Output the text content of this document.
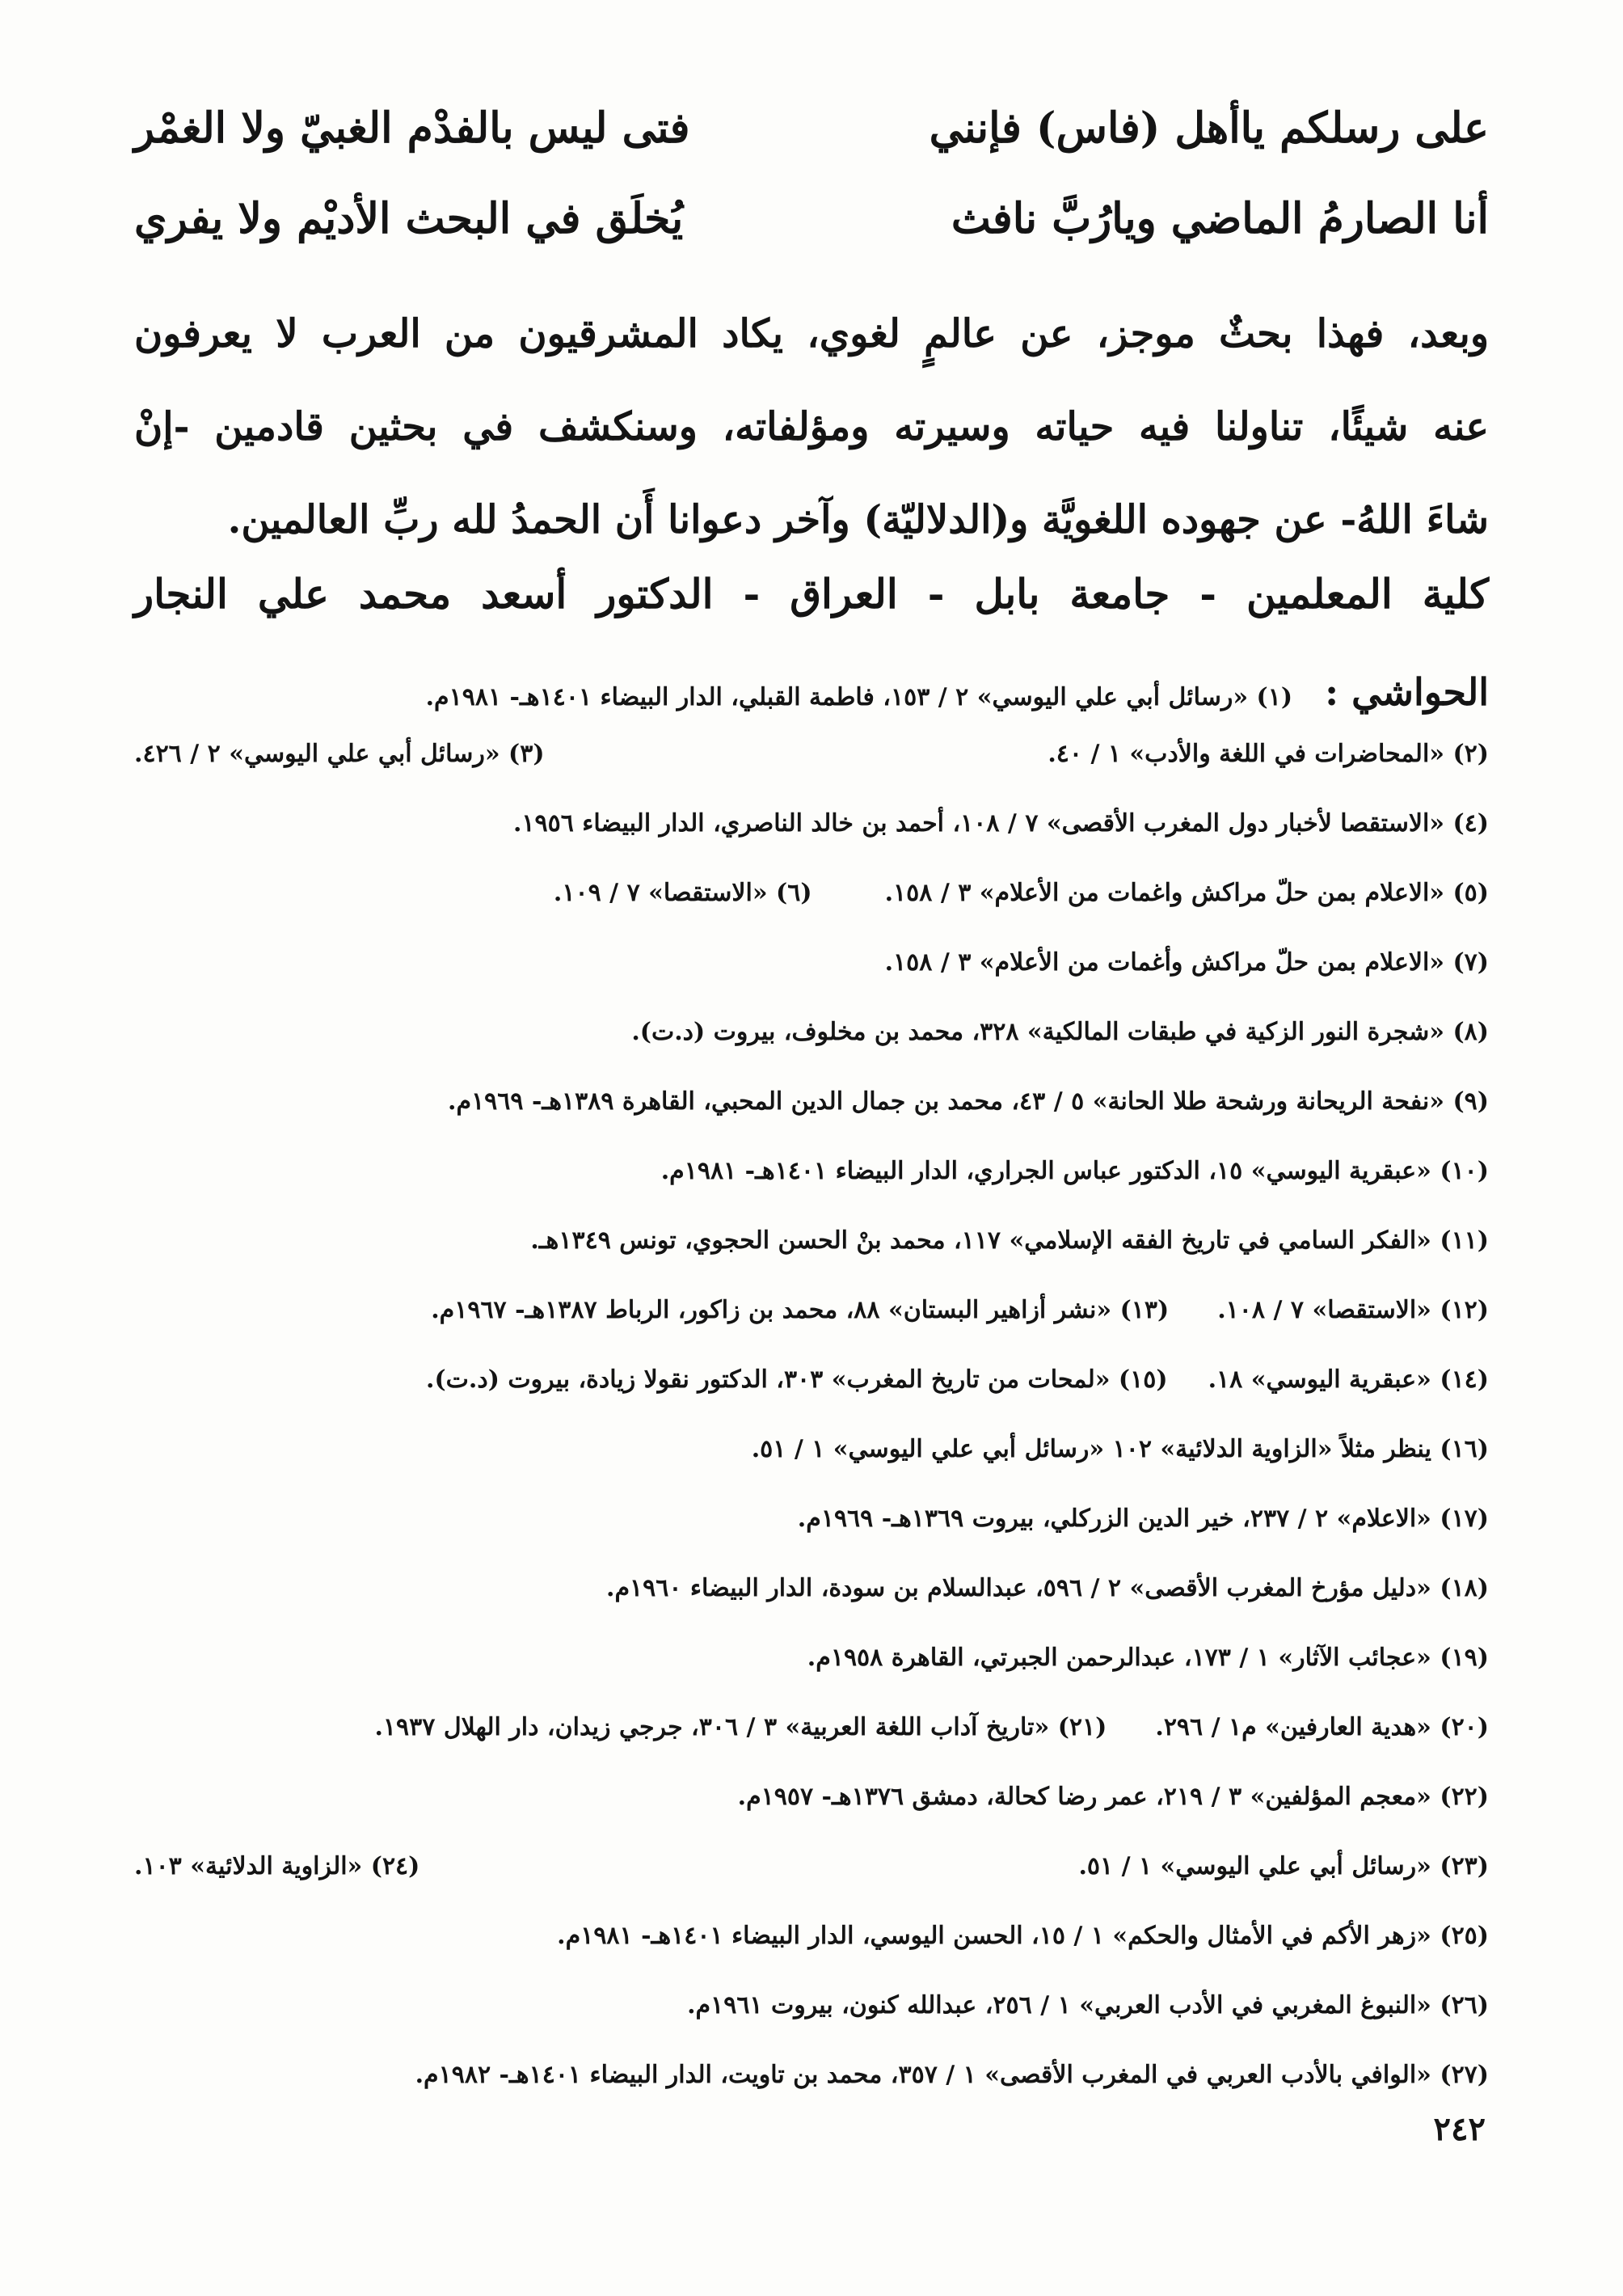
على رسلكم ياأهل (فاس) فإنني
فتى ليس بالفدْم الغبيّ ولا الغمْر
أنا الصارمُ الماضي ويارُبَّ نافث
يُخلَق في البحث الأديْم ولا يفري
وبعد، فهذا بحثٌ موجز، عن عالمٍ لغوي، يكاد المشرقيون من العرب لا يعرفون
عنه شيئًا، تناولنا فيه حياته وسيرته ومؤلفاته، وسنكشف في بحثين قادمين -إنْ
شاءَ اللهُ- عن جهوده اللغويَّة و(الدلاليّة) وآخر دعوانا أَن الحمدُ لله ربِّ العالمين.
كلية المعلمين - جامعة بابل - العراق - الدكتور أسعد محمد علي النجار
الحواشي :
(١) «رسائل أبي علي اليوسي» ٢ / ١٥٣، فاطمة القبلي، الدار البيضاء ١٤٠١هـ- ١٩٨١م.
(٢) «المحاضرات في اللغة والأدب» ١ / ٤٠.
(٣) «رسائل أبي علي اليوسي» ٢ / ٤٢٦.
(٤) «الاستقصا لأخبار دول المغرب الأقصى» ٧ / ١٠٨، أحمد بن خالد الناصري، الدار البيضاء ١٩٥٦.
(٥) «الاعلام بمن حلّ مراكش واغمات من الأعلام» ٣ / ١٥٨.
(٦) «الاستقصا» ٧ / ١٠٩.
(٧) «الاعلام بمن حلّ مراكش وأغمات من الأعلام» ٣ / ١٥٨.
(٨) «شجرة النور الزكية في طبقات المالكية» ٣٢٨، محمد بن مخلوف، بيروت (د.ت).
(٩) «نفحة الريحانة ورشحة طلا الحانة» ٥ / ٤٣، محمد بن جمال الدين المحبي، القاهرة ١٣٨٩هـ- ١٩٦٩م.
(١٠) «عبقرية اليوسي» ١٥، الدكتور عباس الجراري، الدار البيضاء ١٤٠١هـ- ١٩٨١م.
(١١) «الفكر السامي في تاريخ الفقه الإسلامي» ١١٧، محمد بنْ الحسن الحجوي، تونس ١٣٤٩هـ.
(١٢) «الاستقصا» ٧ / ١٠٨.
(١٣) «نشر أزاهير البستان» ٨٨، محمد بن زاكور، الرباط ١٣٨٧هـ- ١٩٦٧م.
(١٤) «عبقرية اليوسي» ١٨.
(١٥) «لمحات من تاريخ المغرب» ٣٠٣، الدكتور نقولا زيادة، بيروت (د.ت).
(١٦) ينظر مثلاً «الزاوية الدلائية» ١٠٢ «رسائل أبي علي اليوسي» ١ / ٥١.
(١٧) «الاعلام» ٢ / ٢٣٧، خير الدين الزركلي، بيروت ١٣٦٩هـ- ١٩٦٩م.
(١٨) «دليل مؤرخ المغرب الأقصى» ٢ / ٥٩٦، عبدالسلام بن سودة، الدار البيضاء ١٩٦٠م.
(١٩) «عجائب الآثار» ١ / ١٧٣، عبدالرحمن الجبرتي، القاهرة ١٩٥٨م.
(٢٠) «هدية العارفين» م١ / ٢٩٦.
(٢١) «تاريخ آداب اللغة العربية» ٣ / ٣٠٦، جرجي زيدان، دار الهلال ١٩٣٧.
(٢٢) «معجم المؤلفين» ٣ / ٢١٩، عمر رضا كحالة، دمشق ١٣٧٦هـ- ١٩٥٧م.
(٢٣) «رسائل أبي علي اليوسي» ١ / ٥١.
(٢٤) «الزاوية الدلائية» ١٠٣.
(٢٥) «زهر الأكم في الأمثال والحكم» ١ / ١٥، الحسن اليوسي، الدار البيضاء ١٤٠١هـ- ١٩٨١م.
(٢٦) «النبوغ المغربي في الأدب العربي» ١ / ٢٥٦، عبدالله كنون، بيروت ١٩٦١م.
(٢٧) «الوافي بالأدب العربي في المغرب الأقصى» ١ / ٣٥٧، محمد بن تاويت، الدار البيضاء ١٤٠١هـ- ١٩٨٢م.
٢٤٢
